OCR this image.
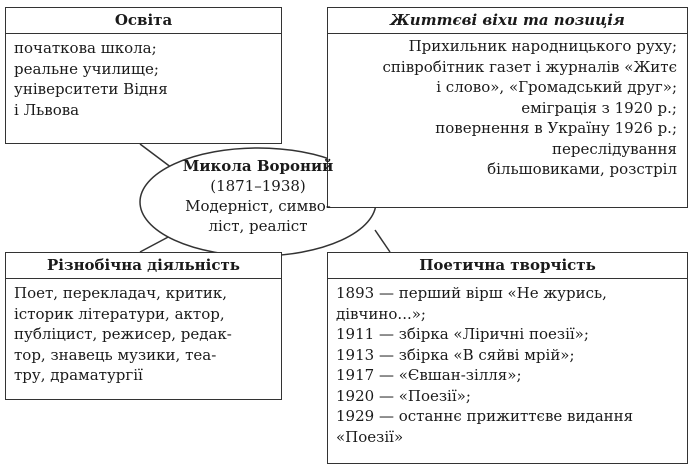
Освіта
початкова школа;
реальне училище;
університети Відня
і Львова
Життєві віхи та позиція
Прихильник народницького руху;
співробітник газет і журналів «Житє
і слово», «Громадський друг»;
еміграція з 1920 р.;
повернення в Україну 1926 р.;
переслідування
більшовиками, розстріл
Різнобічна діяльність
Поет, перекладач, критик,
історик літератури, актор,
публіцист, режисер, редак-
тор, знавець музики, теа-
тру, драматургії
Поетична творчість
1893 — перший вірш «Не журись,
дівчино...»;
1911 — збірка «Ліричні поезії»;
1913 — збірка «В сяйві мрій»;
1917 — «Євшан-зілля»;
1920 — «Поезії»;
1929 — останнє прижиттєве видання
«Поезії»
Микола Вороний
(1871–1938)
Модерніст, симво-
ліст, реаліст
